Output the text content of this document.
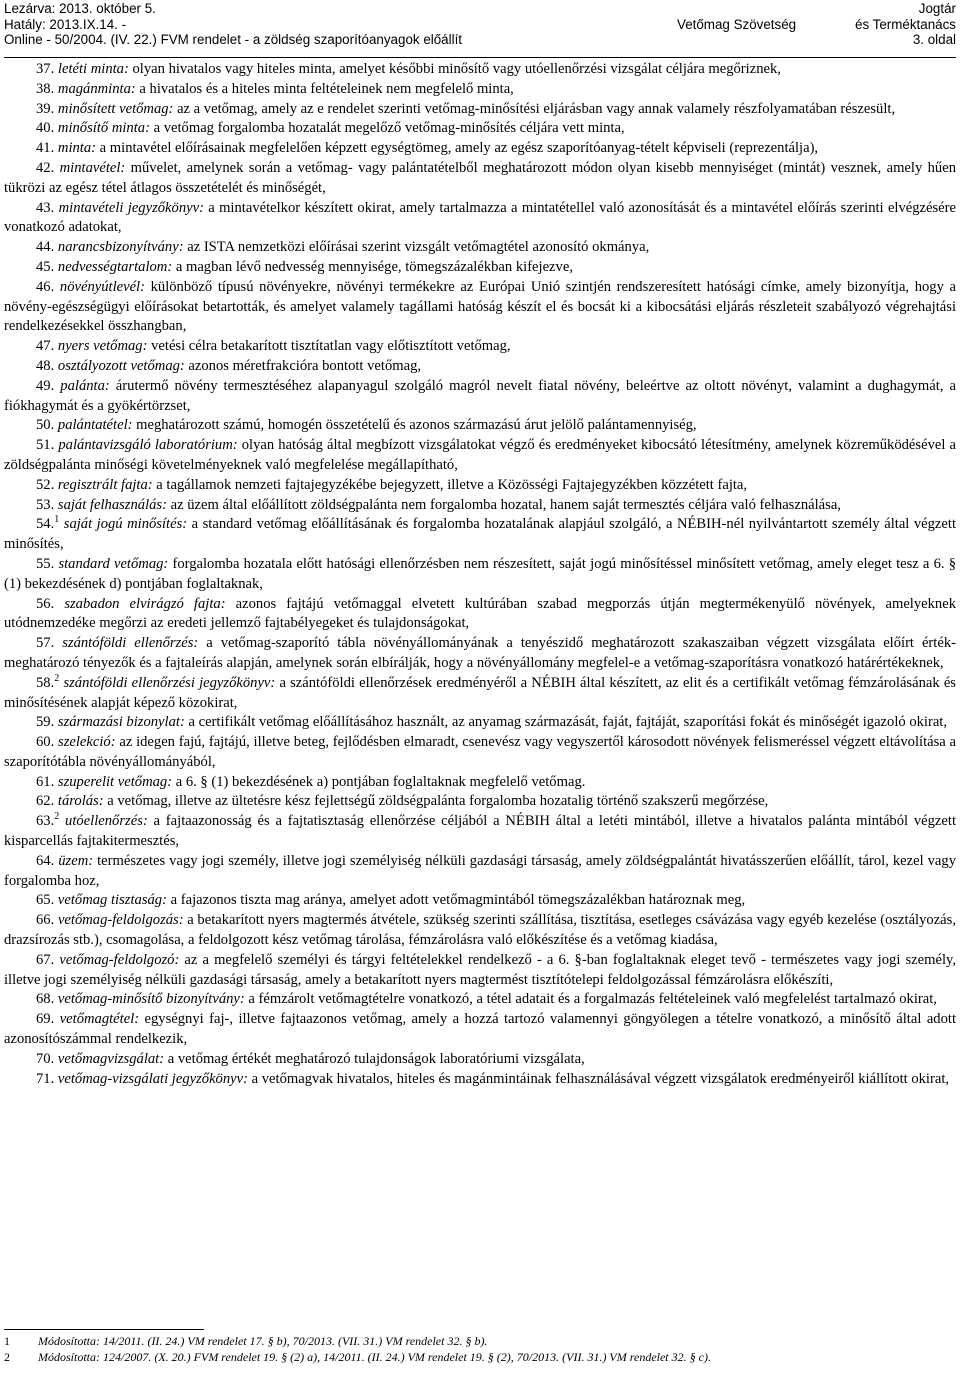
Lezárva: 2013. október 5.
Hatály: 2013.IX.14. -
Online - 50/2004. (IV. 22.) FVM rendelet - a zöldség szaporítóanyagok előállít

Vetőmag Szövetség
Jogtár
és Terméktanács
3. oldal

37. letéti minta: olyan hivatalos vagy hiteles minta, amelyet későbbi minősítő vagy utóellenőrzési vizsgálat céljára megőriznek,

38. magánminta: a hivatalos és a hiteles minta feltételeinek nem megfelelő minta,

39. minősített vetőmag: az a vetőmag, amely az e rendelet szerinti vetőmag-minősítési eljárásban vagy annak valamely részfolyamatában részesült,

40. minősítő minta: a vetőmag forgalomba hozatalát megelőző vetőmag-minősítés céljára vett minta,

41. minta: a mintavétel előírásainak megfelelően képzett egységtömeg, amely az egész szaporítóanyag-tételt képviseli (reprezentálja),

42. mintavétel: művelet, amelynek során a vetőmag- vagy palántatételből meghatározott módon olyan kisebb mennyiséget (mintát) vesznek, amely hűen tükrözi az egész tétel átlagos összetételét és minőségét,

43. mintavételi jegyzőkönyv: a mintavételkor készített okirat, amely tartalmazza a mintatétellel való azonosítását és a mintavétel előírás szerinti elvégzésére vonatkozó adatokat,

44. narancsbizonyítvány: az ISTA nemzetközi előírásai szerint vizsgált vetőmagtétel azonosító okmánya,

45. nedvességtartalom: a magban lévő nedvesség mennyisége, tömegszázalékban kifejezve,

46. növényútlevél: különböző típusú növényekre, növényi termékekre az Európai Unió szintjén rendszeresített hatósági címke, amely bizonyítja, hogy a növény-egészségügyi előírásokat betartották, és amelyet valamely tagállami hatóság készít el és bocsát ki a kibocsátási eljárás részleteit szabályozó végrehajtási rendelkezésekkel összhangban,

47. nyers vetőmag: vetési célra betakarított tisztítatlan vagy előtisztított vetőmag,

48. osztályozott vetőmag: azonos méretfrakcióra bontott vetőmag,

49. palánta: árutermő növény termesztéséhez alapanyagul szolgáló magról nevelt fiatal növény, beleértve az oltott növényt, valamint a dughagymát, a fiókhagymát és a gyökértörzset,

50. palántatétel: meghatározott számú, homogén összetételű és azonos származású árut jelölő palántamennyiség,

51. palántavizsgáló laboratórium: olyan hatóság által megbízott vizsgálatokat végző és eredményeket kibocsátó létesítmény, amelynek közreműködésével a zöldségpalánta minőségi követelményeknek való megfelelése megállapítható,

52. regisztrált fajta: a tagállamok nemzeti fajtajegyzékébe bejegyzett, illetve a Közösségi Fajtajegyzékben közzétett fajta,

53. saját felhasználás: az üzem által előállított zöldségpalánta nem forgalomba hozatal, hanem saját termesztés céljára való felhasználása,

54.$^1$ saját jogú minősítés: a standard vetőmag előállításának és forgalomba hozatalának alapjául szolgáló, a NÉBIH-nél nyilvántartott személy által végzett minősítés,

55. standard vetőmag: forgalomba hozatala előtt hatósági ellenőrzésben nem részesített, saját jogú minősítéssel minősített vetőmag, amely eleget tesz a 6. § (1) bekezdésének d) pontjában foglaltaknak,

56. szabadon elvirágzó fajta: azonos fajtájú vetőmaggal elvetett kultúrában szabad megporzás útján megtermékenyülő növények, amelyeknek utódnemzedéke megőrzi az eredeti jellemző fajtabélyegeket és tulajdonságokat,

57. szántóföldi ellenőrzés: a vetőmag-szaporító tábla növényállományának a tenyészidő meghatározott szakaszaiban végzett vizsgálata előírt érték-meghatározó tényezők és a fajtaleírás alapján, amelynek során elbírálják, hogy a növényállomány megfelel-e a vetőmag-szaporításra vonatkozó határértékeknek,

58.$^2$ szántóföldi ellenőrzési jegyzőkönyv: a szántóföldi ellenőrzések eredményéről a NÉBIH által készített, az elit és a certifikált vetőmag fémzárolásának és minősítésének alapját képező közokirat,

59. származási bizonylat: a certifikált vetőmag előállításához használt, az anyamag származását, faját, fajtáját, szaporítási fokát és minőségét igazoló okirat,

60. szelekció: az idegen fajú, fajtájú, illetve beteg, fejlődésben elmaradt, csenevész vagy vegyszertől károsodott növények felismeréssel végzett eltávolítása a szaporítótábla növényállományából,

61. szuperelit vetőmag: a 6. § (1) bekezdésének a) pontjában foglaltaknak megfelelő vetőmag.

62. tárolás: a vetőmag, illetve az ültetésre kész fejlettségű zöldségpalánta forgalomba hozatalig történő szakszerű megőrzése,

63.$^2$ utóellenőrzés: a fajtaazonosság és a fajtatisztaság ellenőrzése céljából a NÉBIH által a letéti mintából, illetve a hivatalos palánta mintából végzett kisparcellás fajtakitermesztés,

64. üzem: természetes vagy jogi személy, illetve jogi személyiség nélküli gazdasági társaság, amely zöldségpalántát hivatásszerűen előállít, tárol, kezel vagy forgalomba hoz,

65. vetőmag tisztaság: a fajazonos tiszta mag aránya, amelyet adott vetőmagmintából tömegszázalékban határoznak meg,

66. vetőmag-feldolgozás: a betakarított nyers magtermés átvétele, szükség szerinti szállítása, tisztítása, esetleges csávázása vagy egyéb kezelése (osztályozás, drazsírozás stb.), csomagolása, a feldolgozott kész vetőmag tárolása, fémzárolásra való előkészítése és a vetőmag kiadása,

67. vetőmag-feldolgozó: az a megfelelő személyi és tárgyi feltételekkel rendelkező - a 6. §-ban foglaltaknak eleget tevő - természetes vagy jogi személy, illetve jogi személyiség nélküli gazdasági társaság, amely a betakarított nyers magtermést tisztítótelepi feldolgozással fémzárolásra előkészíti,

68. vetőmag-minősítő bizonyítvány: a fémzárolt vetőmagtételre vonatkozó, a tétel adatait és a forgalmazás feltételeinek való megfelelést tartalmazó okirat,

69. vetőmagtétel: egységnyi faj-, illetve fajtaazonos vetőmag, amely a hozzá tartozó valamennyi göngyölegen a tételre vonatkozó, a minősítő által adott azonosítószámmal rendelkezik,

70. vetőmagvizsgálat: a vetőmag értékét meghatározó tulajdonságok laboratóriumi vizsgálata,

71. vetőmag-vizsgálati jegyzőkönyv: a vetőmagvak hivatalos, hiteles és magánmintáinak felhasználásával végzett vizsgálatok eredményeiről kiállított okirat,

1	Módosította: 14/2011. (II. 24.) VM rendelet 17. § b), 70/2013. (VII. 31.) VM rendelet 32. § b).
2	Módosította: 124/2007. (X. 20.) FVM rendelet 19. § (2) a), 14/2011. (II. 24.) VM rendelet 19. § (2), 70/2013. (VII. 31.) VM rendelet 32. § c).
